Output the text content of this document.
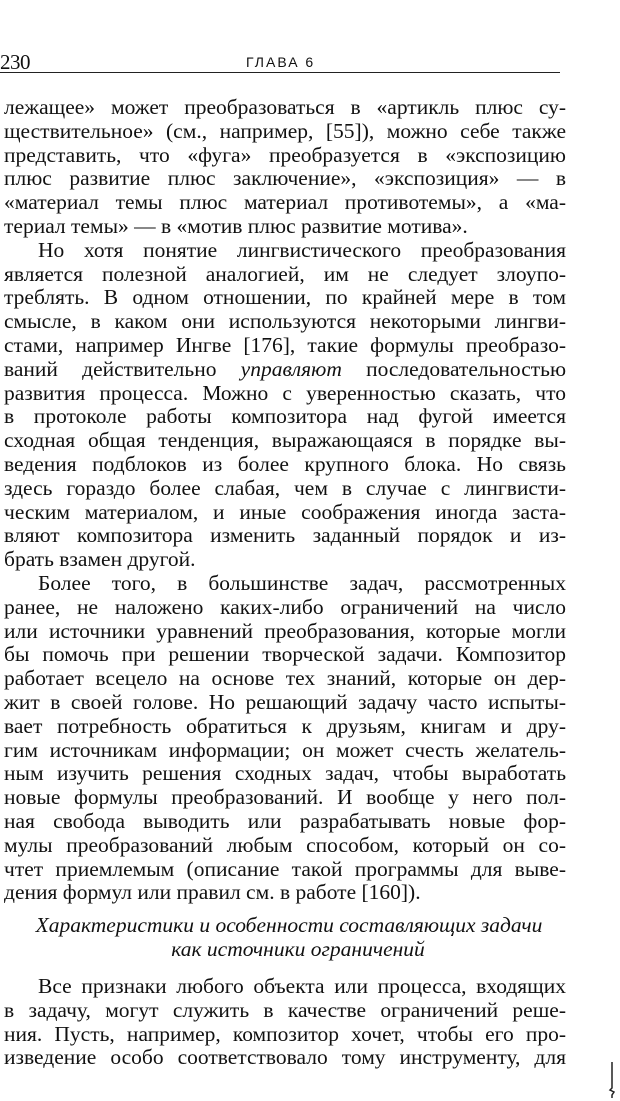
230	ГЛАВА 6
лежащее» может преобразоваться в «артикль плюс су-
ществительное» (см., например, [55]), можно себе также
представить, что «фуга» преобразуется в «экспозицию
плюс развитие плюс заключение», «экспозиция» — в
«материал темы плюс материал противотемы», а «ма-
териал темы» — в «мотив плюс развитие мотива».
Но хотя понятие лингвистического преобразования
является полезной аналогией, им не следует злоупо-
треблять. В одном отношении, по крайней мере в том
смысле, в каком они используются некоторыми лингви-
стами, например Ингве [176], такие формулы преобразо-
ваний действительно управляют последовательностью
развития процесса. Можно с уверенностью сказать, что
в протоколе работы композитора над фугой имеется
сходная общая тенденция, выражающаяся в порядке вы-
ведения подблоков из более крупного блока. Но связь
здесь гораздо более слабая, чем в случае с лингвисти-
ческим материалом, и иные соображения иногда заста-
вляют композитора изменить заданный порядок и из-
брать взамен другой.
Более того, в большинстве задач, рассмотренных
ранее, не наложено каких-либо ограничений на число
или источники уравнений преобразования, которые могли
бы помочь при решении творческой задачи. Композитор
работает всецело на основе тех знаний, которые он дер-
жит в своей голове. Но решающий задачу часто испыты-
вает потребность обратиться к друзьям, книгам и дру-
гим источникам информации; он может счесть желатель-
ным изучить решения сходных задач, чтобы выработать
новые формулы преобразований. И вообще у него пол-
ная свобода выводить или разрабатывать новые фор-
мулы преобразований любым способом, который он со-
чтет приемлемым (описание такой программы для выве-
дения формул или правил см. в работе [160]).
Характеристики и особенности составляющих задачи
как источники ограничений
Все признаки любого объекта или процесса, входящих
в задачу, могут служить в качестве ограничений реше-
ния. Пусть, например, композитор хочет, чтобы его про-
изведение особо соответствовало тому инструменту, для
